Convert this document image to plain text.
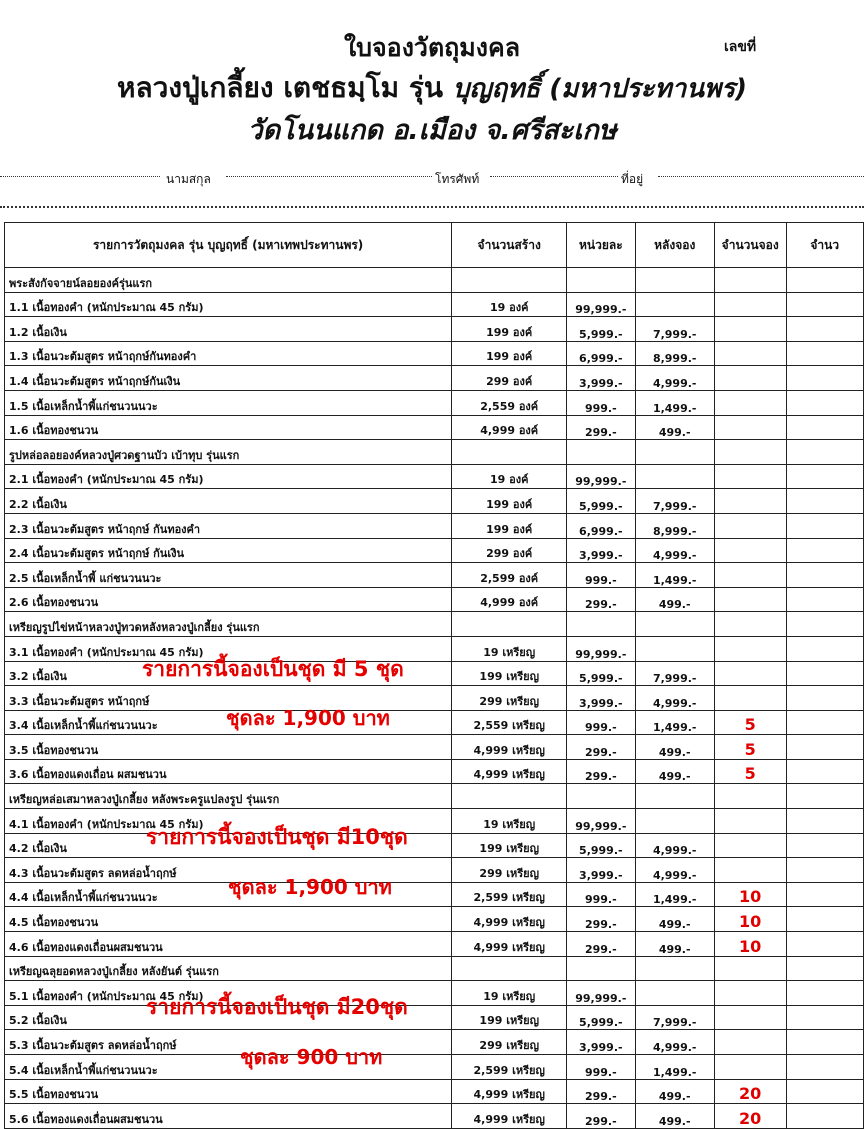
ใบจองวัตถุมงคล	เลขที่
หลวงปู่เกลี้ยง เตชธมฺโม รุ่น บุญฤทธิ์ (มหาประทานพร)
วัดโนนแกด อ.เมือง จ.ศรีสะเกษ
นามสกุล	โทรศัพท์	ที่อยู่
รายการวัตถุมงคล รุ่น บุญฤทธิ์ (มหาเทพประทานพร)	จำนวนสร้าง	หน่วยละ	หลังจอง	จำนวนจอง	จำนว
พระสังกัจจายน์ลอยองค์รุ่นแรก					
1.1 เนื้อทองคำ (หนักประมาณ 45 กรัม)	19 องค์	99,999.-			
1.2 เนื้อเงิน	199 องค์	5,999.-	7,999.-		
1.3 เนื้อนวะต้มสูตร หน้าฤกษ์กันทองคำ	199 องค์	6,999.-	8,999.-		
1.4 เนื้อนวะต้มสูตร หน้าฤกษ์กันเงิน	299 องค์	3,999.-	4,999.-		
1.5 เนื้อเหล็กน้ำพี้แก่ชนวนนวะ	2,559 องค์	999.-	1,499.-		
1.6 เนื้อทองชนวน	4,999 องค์	299.-	499.-		
รูปหล่อลอยองค์หลวงปู่ศวดฐานบัว เบ้าทุบ รุ่นแรก					
2.1 เนื้อทองคำ (หนักประมาณ 45 กรัม)	19 องค์	99,999.-			
2.2 เนื้อเงิน	199 องค์	5,999.-	7,999.-		
2.3 เนื้อนวะต้มสูตร หน้าฤกษ์ กันทองคำ	199 องค์	6,999.-	8,999.-		
2.4 เนื้อนวะต้มสูตร หน้าฤกษ์ กันเงิน	299 องค์	3,999.-	4,999.-		
2.5 เนื้อเหล็กน้ำพี้ แก่ชนวนนวะ	2,599 องค์	999.-	1,499.-		
2.6 เนื้อทองชนวน	4,999 องค์	299.-	499.-		
เหรียญรูปไข่หน้าหลวงปู่ทวดหลังหลวงปู่เกลี้ยง รุ่นแรก					
3.1 เนื้อทองคำ (หนักประมาณ 45 กรัม)	19 เหรียญ	99,999.-			
3.2 เนื้อเงิน	199 เหรียญ	5,999.-	7,999.-		
3.3 เนื้อนวะต้มสูตร หน้าฤกษ์	299 เหรียญ	3,999.-	4,999.-		
3.4 เนื้อเหล็กน้ำพี้แก่ชนวนนวะ	2,559 เหรียญ	999.-	1,499.-	5	
3.5 เนื้อทองชนวน	4,999 เหรียญ	299.-	499.-	5	
3.6 เนื้อทองแดงเถื่อน ผสมชนวน	4,999 เหรียญ	299.-	499.-	5	
เหรียญหล่อเสมาหลวงปู่เกลี้ยง หลังพระครูแปลงรูป รุ่นแรก					
4.1 เนื้อทองคำ (หนักประมาณ 45 กรัม)	19 เหรียญ	99,999.-			
4.2 เนื้อเงิน	199 เหรียญ	5,999.-	4,999.-		
4.3 เนื้อนวะต้มสูตร ลดหล่อน้ำฤกษ์	299 เหรียญ	3,999.-	4,999.-		
4.4 เนื้อเหล็กน้ำพี้แก่ชนวนนวะ	2,599 เหรียญ	999.-	1,499.-	10	
4.5 เนื้อทองชนวน	4,999 เหรียญ	299.-	499.-	10	
4.6 เนื้อทองแดงเถื่อนผสมชนวน	4,999 เหรียญ	299.-	499.-	10	
เหรียญฉลุยอดหลวงปู่เกลี้ยง หลังยันต์ รุ่นแรก					
5.1 เนื้อทองคำ (หนักประมาณ 45 กรัม)	19 เหรียญ	99,999.-			
5.2 เนื้อเงิน	199 เหรียญ	5,999.-	7,999.-		
5.3 เนื้อนวะต้มสูตร ลดหล่อน้ำฤกษ์	299 เหรียญ	3,999.-	4,999.-		
5.4 เนื้อเหล็กน้ำพี้แก่ชนวนนวะ	2,599 เหรียญ	999.-	1,499.-		
5.5 เนื้อทองชนวน	4,999 เหรียญ	299.-	499.-	20	
5.6 เนื้อทองแดงเถื่อนผสมชนวน	4,999 เหรียญ	299.-	499.-	20	
รายการนี้จองเป็นชุด มี 5 ชุด
ชุดละ 1,900 บาท
รายการนี้จองเป็นชุด มี10ชุด
ชุดละ 1,900 บาท
รายการนี้จองเป็นชุด มี20ชุด
ชุดละ 900 บาท
